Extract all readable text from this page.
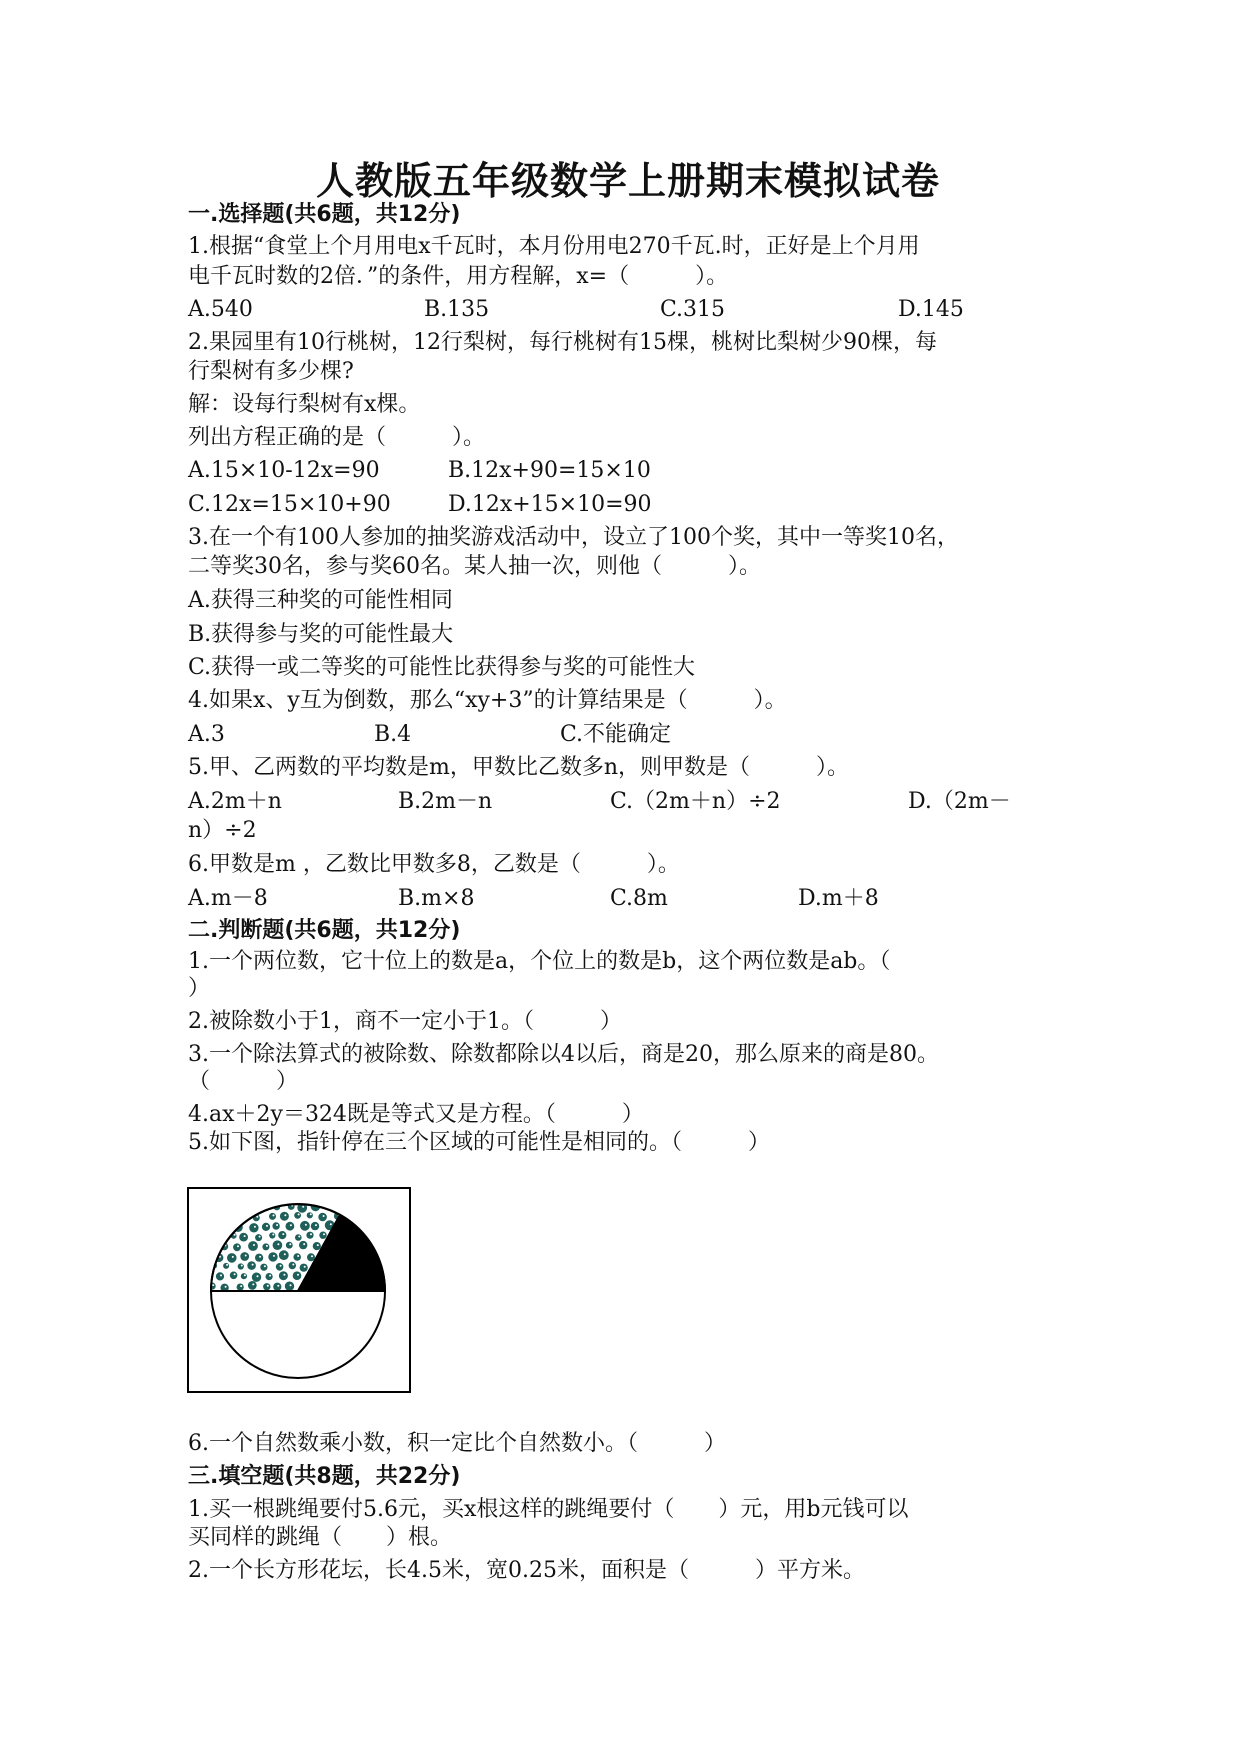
人教版五年级数学上册期末模拟试卷
一.选择题(共6题，共12分)
1.根据“食堂上个月用电x千瓦时，本月份用电270千瓦.时，正好是上个月用
电千瓦时数的2倍．”的条件，用方程解，x=（　　　）。
A.540	B.135	C.315	D.145
2.果园里有10行桃树，12行梨树，每行桃树有15棵，桃树比梨树少90棵，每
行梨树有多少棵?
解：设每行梨树有x棵。
列出方程正确的是（　　　）。
A.15×10-12x=90	B.12x+90=15×10
C.12x=15×10+90	D.12x+15×10=90
3.在一个有100人参加的抽奖游戏活动中，设立了100个奖，其中一等奖10名，
二等奖30名，参与奖60名。某人抽一次，则他（　　　）。
A.获得三种奖的可能性相同
B.获得参与奖的可能性最大
C.获得一或二等奖的可能性比获得参与奖的可能性大
4.如果x、y互为倒数，那么“xy+3”的计算结果是（　　　）。
A.3	B.4	C.不能确定
5.甲、乙两数的平均数是m，甲数比乙数多n，则甲数是（　　　）。
A.2m＋n	B.2m－n	C.（2m＋n）÷2	D.（2m－
n）÷2
6.甲数是m ，乙数比甲数多8，乙数是（　　　）。
A.m－8	B.m×8	C.8m	D.m＋8
二.判断题(共6题，共12分)
1.一个两位数，它十位上的数是a，个位上的数是b，这个两位数是ab。（
）
2.被除数小于1，商不一定小于1。（　　　）
3.一个除法算式的被除数、除数都除以4以后，商是20，那么原来的商是80。
（　　　）
4.ax＋2y＝324既是等式又是方程。（　　　）
5.如下图，指针停在三个区域的可能性是相同的。（　　　）
6.一个自然数乘小数，积一定比个自然数小。（　　　）
三.填空题(共8题，共22分)
1.买一根跳绳要付5.6元，买x根这样的跳绳要付（　　）元，用b元钱可以
买同样的跳绳（　　）根。
2.一个长方形花坛，长4.5米，宽0.25米，面积是（　　　）平方米。
